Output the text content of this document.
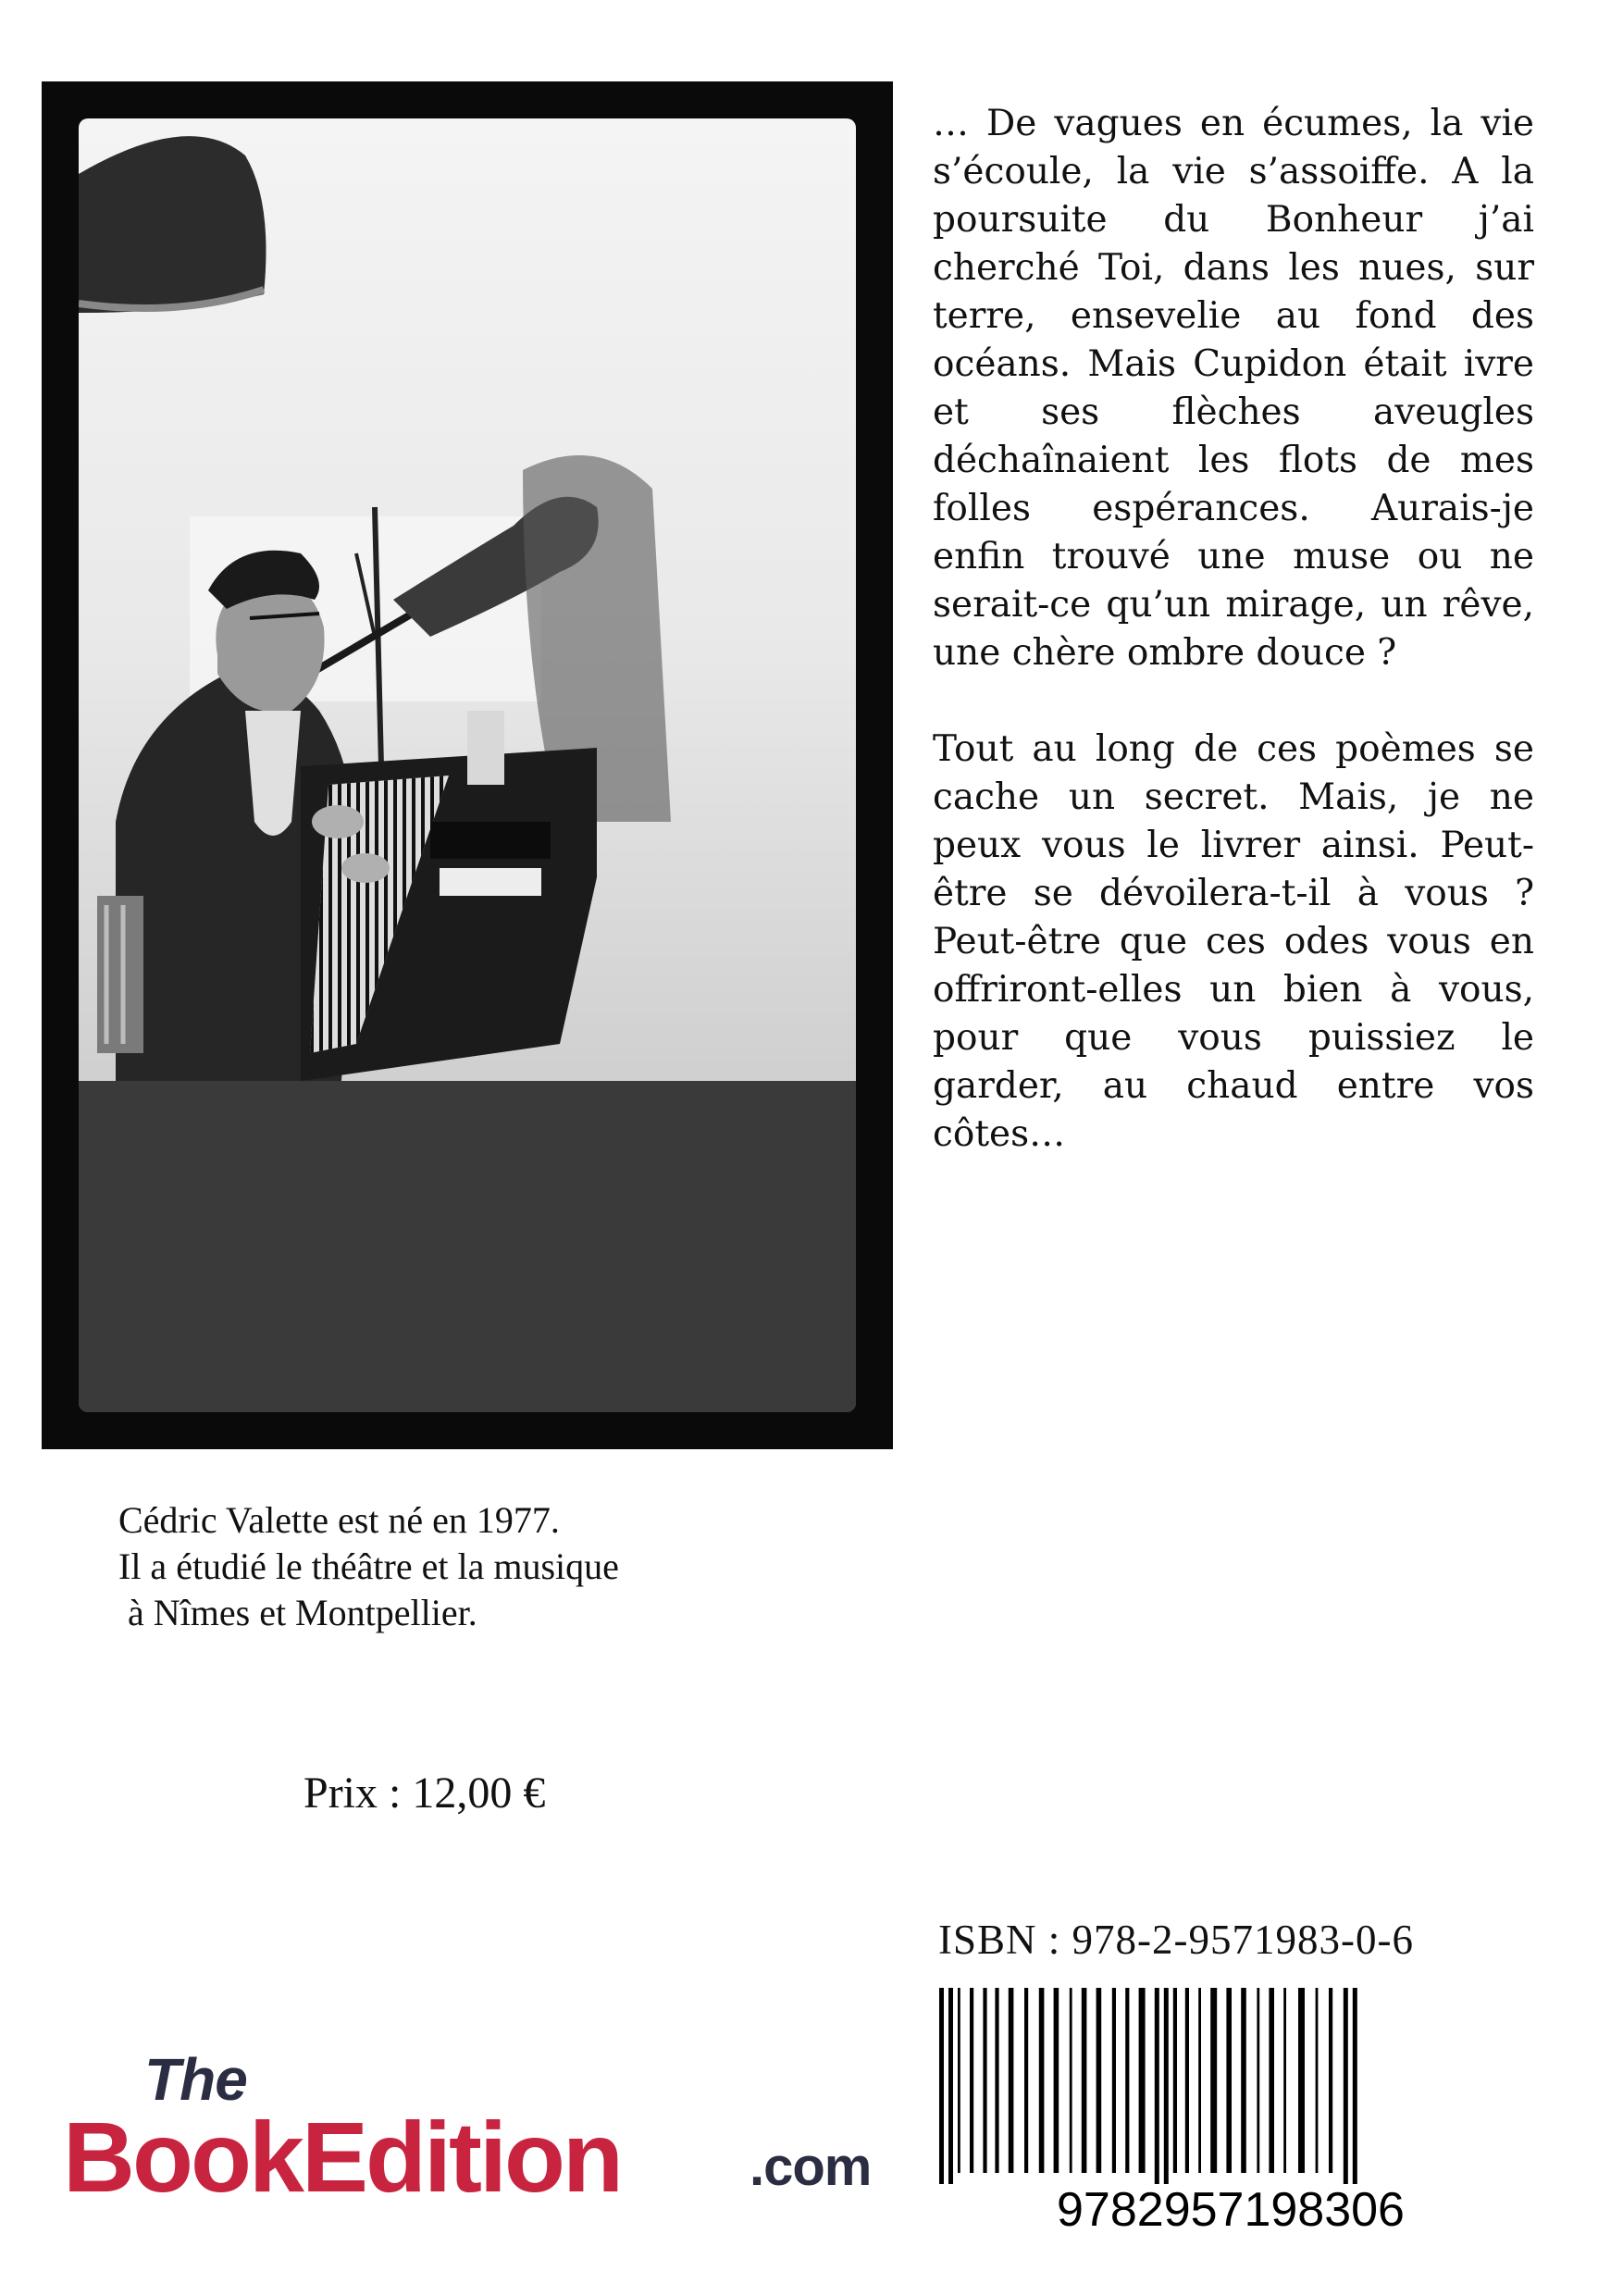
… De vagues en écumes, la vie s’écoule, la vie s’assoiffe. A la poursuite du Bonheur j’ai cherché Toi, dans les nues, sur terre, ensevelie au fond des océans. Mais Cupidon était ivre et ses flèches aveugles déchaînaient les flots de mes folles espérances. Aurais-je enfin trouvé une muse ou ne serait-ce qu’un mirage, un rêve, une chère ombre douce ?

Tout au long de ces poèmes se cache un secret. Mais, je ne peux vous le livrer ainsi. Peut-être se dévoilera-t-il à vous ? Peut-être que ces odes vous en offriront-elles un bien à vous, pour que vous puissiez le garder, au chaud entre vos côtes…

Cédric Valette est né en 1977.
Il a étudié le théâtre et la musique
à Nîmes et Montpellier.
Prix : 12,00 €
ISBN : 978-2-9571983-0-6
9782957198306
The
BookEdition .com
